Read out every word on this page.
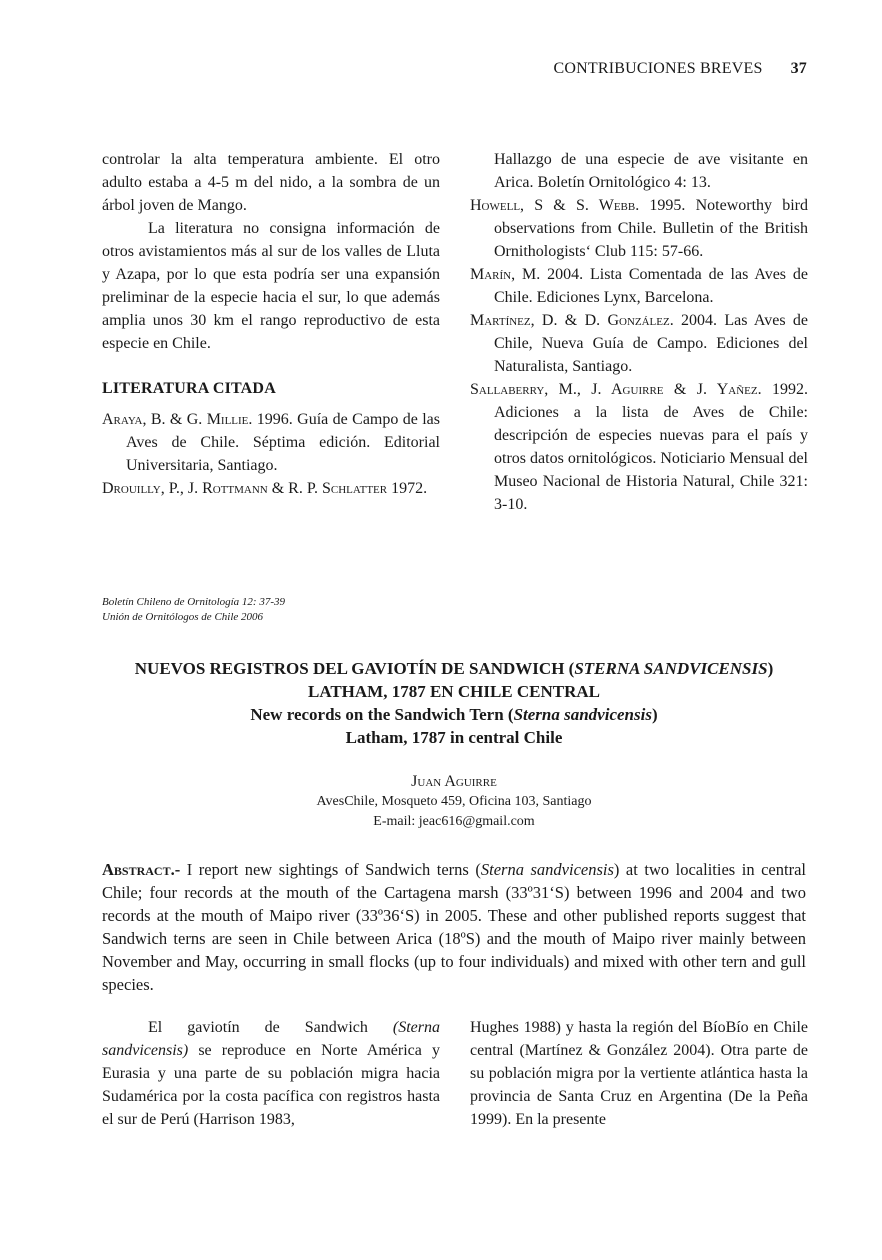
CONTRIBUCIONES BREVES 37

controlar la alta temperatura ambiente. El otro adulto estaba a 4-5 m del nido, a la sombra de un árbol joven de Mango.

La literatura no consigna información de otros avistamientos más al sur de los valles de Lluta y Azapa, por lo que esta podría ser una expansión preliminar de la especie hacia el sur, lo que además amplia unos 30 km el rango reproductivo de esta especie en Chile.

LITERATURA CITADA

Araya, B. & G. Millie. 1996. Guía de Campo de las Aves de Chile. Séptima edición. Editorial Universitaria, Santiago.

Drouilly, P., J. Rottmann & R. P. Schlatter 1972.

Hallazgo de una especie de ave visitante en Arica. Boletín Ornitológico 4: 13.

Howell, S & S. Webb. 1995. Noteworthy bird observations from Chile. Bulletin of the British Ornithologists‘ Club 115: 57-66.

Marín, M. 2004. Lista Comentada de las Aves de Chile. Ediciones Lynx, Barcelona.

Martínez, D. & D. González. 2004. Las Aves de Chile, Nueva Guía de Campo. Ediciones del Naturalista, Santiago.

Sallaberry, M., J. Aguirre & J. Yañez. 1992. Adiciones a la lista de Aves de Chile: descripción de especies nuevas para el país y otros datos ornitológicos. Noticiario Mensual del Museo Nacional de Historia Natural, Chile 321: 3-10.

Boletín Chileno de Ornitología 12: 37-39
Unión de Ornitólogos de Chile 2006
NUEVOS REGISTROS DEL GAVIOTÍN DE SANDWICH (STERNA SANDVICENSIS) LATHAM, 1787 EN CHILE CENTRAL
New records on the Sandwich Tern (Sterna sandvicensis)
Latham, 1787 in central Chile
Juan Aguirre
AvesChile, Mosqueto 459, Oficina 103, Santiago
E-mail: jeac616@gmail.com
Abstract.- I report new sightings of Sandwich terns (Sterna sandvicensis) at two localities in central Chile; four records at the mouth of the Cartagena marsh (33º31‘S) between 1996 and 2004 and two records at the mouth of Maipo river (33º36‘S) in 2005. These and other published reports suggest that Sandwich terns are seen in Chile between Arica (18ºS) and the mouth of Maipo river mainly between November and May, occurring in small flocks (up to four individuals) and mixed with other tern and gull species.

El gaviotín de Sandwich (Sterna sandvicensis) se reproduce en Norte América y Eurasia y una parte de su población migra hacia Sudamérica por la costa pacífica con registros hasta el sur de Perú (Harrison 1983,

Hughes 1988) y hasta la región del BíoBío en Chile central (Martínez & González 2004). Otra parte de su población migra por la vertiente atlántica hasta la provincia de Santa Cruz en Argentina (De la Peña 1999). En la presente
